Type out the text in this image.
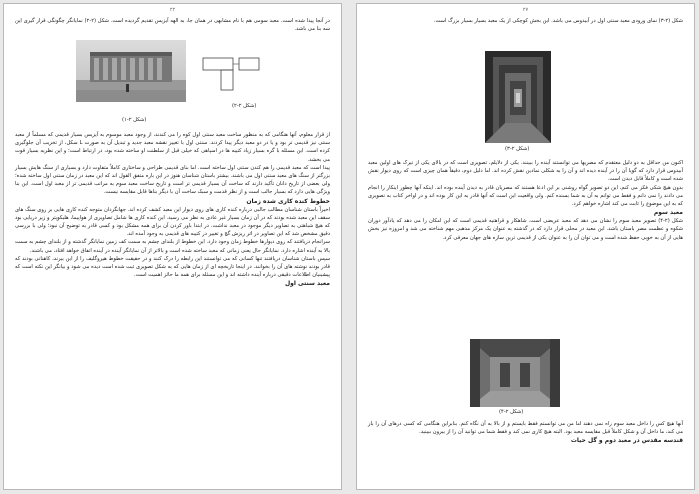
۲۲

در آنجا پیدا شده است. معبد سومی هم با نام مشابهی در همان جا، به الهه آیزیس تقدیم گردیده است. شکل (۲-۲) نمایانگر چگونگی قرار گیری این سه بنا می باشد.

(شکل ۲-۲)
(شکل ۲-۱)

از قرار معلوم، آنها هنگامی که به منظور ساخت معبد سنتی اول کوه را می کندند، از وجود معبد موسوم به آیزیس بسیار قدیمی که مسلماً از معبد سنتی نیز قدیمی تر بود و یا در دو معبد دیگر پیدا کردند. سنتی اول با تغییر نقشه معبد جدید و تبدیل آن به صورت L سکل، از تخریب آن جلوگیری کرده است. این مسئله با گره بسیار زیاد کتیبه ها در اسپاهی که خیلی قبل از سلطنت او ساخته شده بود، در ارتباط است؛ و این نظریه بسیار قوت می بخشد.

پیدا است که معبد قدیمی را هم کندن سنتی اول ساخته است. اما بنای قدیمی طراحی و ساختاری کاملاً متفاوت دارد و بسیاری از سنگ هایش بسیار بزرگتر از سنگ های معبد سنتی اول می باشند. بیشتر باستان شناسان هنوز در این باره متفق القول اند که این معبد در زمان سنتی اول ساخته شده؛ ولی بعضی از تاریخ دانان تأکید دارند که ساخت آن بسیار قدیمی تر است و تاریخ ساخت معبد سوم به مراتب قدیمی تر از معبد اول است. این بنا ویژگی هایی دارد که بسیار جالب است و از نظر قدمت و سبک ساخت آن با دیگر بناها قابل مقایسه نیست.

خطوط کنده کاری شده زمان

اخیراً باستان شناسان مطالب جالبی درباره کنده کاری های روی دیوار این معبد کشف کرده اند. جهانگردان متوجه کنده کاری هایی بر روی سنگ های سقف این معبد شده بودند که در آن زمان بسیار غیر عادی به نظر می رسید. این کنده کاری ها شامل تصاویری از هواپیما، هلیکوپتر و زیر دریایی بود که هیچ شباهتی به تصاویر دیگر موجود در معبد نداشت. در ابتدا باور کردن آن برای همه مشکل بود و کسی قادر به توضیح آن نبود؛ ولی با بررسی دقیق مشخص شد که این تصاویر در اثر ریزش گچ و تغییر در کتیبه های قدیمی به وجود آمده اند.

سرانجام دریافتند که روی دیوارها خطوط زمان وجود دارد. این خطوط از بلندای چشم به سمت کف زمین نمایانگر گذشته و از بلندای چشم به سمت بالا به آینده اشاره دارد. نمایانگر حال یعنی زمانی که معبد ساخته شده است و بالاتر از آن نمایانگر آینده در آینده اتفاق خواهد افتاد، می باشند.

سپس باستان شناسان دریافتند تنها کسانی که می توانستند این رابطه را درک کنند و در حقیقت خطوط هیروگلیف را از این بیرند، کاهنانی بودند که قادر بودند نوشته های آن را بخوانند. در اینجا تاریخچه ای از زمان هایی که به شکل تصویری ثبت شده است دیده می شود و بیانگر این نکته است که پیشینیان اطلاعات دقیقی درباره آینده داشته اند و این مسئله برای همه ما حائز اهمیت است.

معبد سنتی اول
۲۷

شکل (۲-۳) نمای ورودی معبد سنتی اول در آبیدوس می باشد. این بخش کوچکی از یک معبد بسیار بسیار بزرگ است.

(شکل ۲-۳)

اکنون من حداقل به دو دلیل معتقدم که مصریها می توانستند آینده را ببینند. یکی از دلایلم، تصویری است که در بالای یکی از تیرک های اولین معبد آبیدوس قرار دارد که گویا آن را در آینده دیده اند و آن را به شکلی نمادین نقش کرده اند. اما دلیل دوم، دقیقاً همان چیزی است که روی دیوار نقش شده است و کاملاً قابل دیدن است.

بدون هیچ شکی فکر می کنم، این دو تصویر گواه روشنی بر این ادعا هستند که مصریان قادر به دیدن آینده بوده اند. اینکه آنها چطور اینکار را انجام می دادند را نمی دانم و فقط می توانم به آن به شما بسنده کنم. ولی واقعیت این است که آنها قادر به این کار بوده اند و در اواخر کتاب به تصویری که به این موضوع را ثابت می کند اشاره خواهم کرد.

معبد سوم

شکل (۲-۴) تصویر معبد سوم را نشان می دهد که معبد عریضی است. شاهکار و قراهتیه قدیمی است که این امکان را می دهد که یادآور دوران شکوه و عظمت مصر باستان باشد. این معبد در محلی قرار دارد که در گذشته به عنوان یک مرکز مذهبی مهم شناخته می شد و امروزه نیز بخش هایی از آن به خوبی حفظ شده است و می توان آن را به عنوان یکی از قدیمی ترین سازه های جهان معرفی کرد.

(شکل ۲-۴)

آنها هیچ کس را داخل معبد سوم راه نمی دهند اما من می توانستم فقط بایستم و از بالا به آن نگاه کنم. بنابراین هنگامی که کسی درهای آن را باز می کند، ما داخل آن و شکل کاملاً قبل مقایسه معبد بود. البته هیچ کاری نمی کند و فقط شما می توانید آن را از بیرون ببینید.

قندسه مقدس در معبد دوم و گل حیات
